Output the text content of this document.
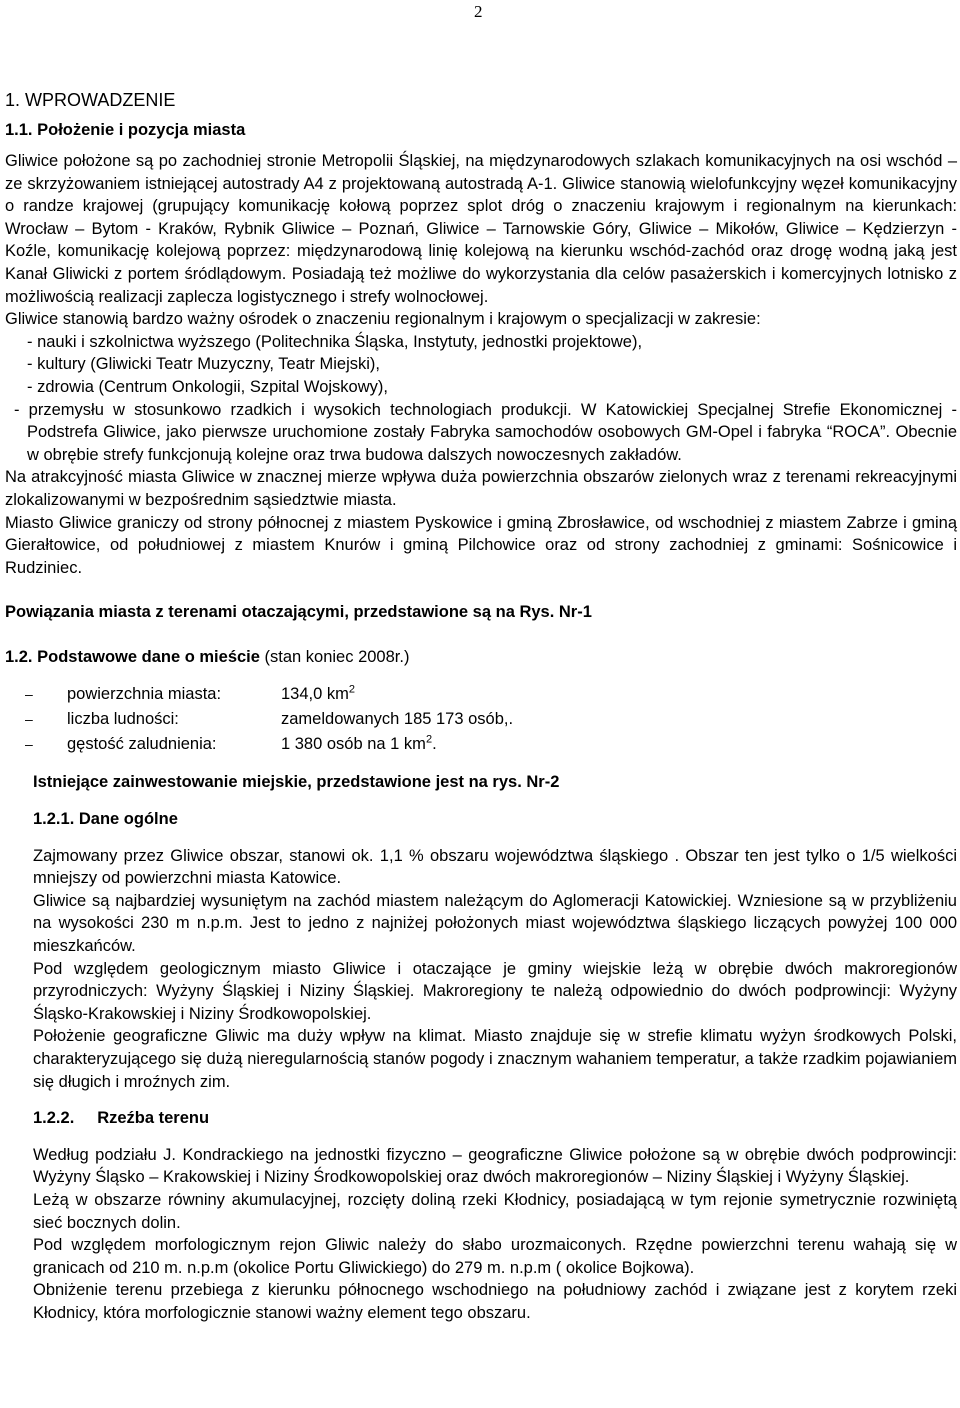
2
1. WPROWADZENIE
1.1. Położenie i pozycja miasta

Gliwice położone są po zachodniej stronie Metropolii Śląskiej, na międzynarodowych szlakach komunikacyjnych na osi wschód – ze skrzyżowaniem istniejącej autostrady A4 z projektowaną autostradą A-1. Gliwice stanowią wielofunkcyjny węzeł komunikacyjny o randze krajowej (grupujący komunikację kołową poprzez splot dróg o znaczeniu krajowym i regionalnym na kierunkach: Wrocław – Bytom - Kraków, Rybnik Gliwice – Poznań, Gliwice – Tarnowskie Góry, Gliwice – Mikołów, Gliwice – Kędzierzyn - Koźle, komunikację kolejową poprzez: międzynarodową linię kolejową na kierunku wschód-zachód oraz drogę wodną jaką jest Kanał Gliwicki z portem śródlądowym. Posiadają też możliwe do wykorzystania dla celów pasażerskich i komercyjnych lotnisko z możliwością realizacji zaplecza logistycznego i strefy wolnocłowej.

Gliwice stanowią bardzo ważny ośrodek o znaczeniu regionalnym i krajowym o specjalizacji w zakresie:

- nauki i szkolnictwa wyższego (Politechnika Śląska, Instytuty, jednostki projektowe),

- kultury (Gliwicki Teatr Muzyczny, Teatr Miejski),

- zdrowia (Centrum Onkologii, Szpital Wojskowy),

- przemysłu w stosunkowo rzadkich i wysokich technologiach produkcji. W Katowickiej Specjalnej Strefie Ekonomicznej - Podstrefa Gliwice, jako pierwsze uruchomione zostały Fabryka samochodów osobowych GM-Opel i fabryka “ROCA”. Obecnie w obrębie strefy funkcjonują kolejne oraz trwa budowa dalszych nowoczesnych zakładów.

Na atrakcyjność miasta Gliwice w znacznej mierze wpływa duża powierzchnia obszarów zielonych wraz z terenami rekreacyjnymi zlokalizowanymi w bezpośrednim sąsiedztwie miasta.

Miasto Gliwice graniczy od strony północnej z miastem Pyskowice i gminą Zbrosławice, od wschodniej z miastem Zabrze i gminą Gierałtowice, od południowej z miastem Knurów i gminą Pilchowice oraz od strony zachodniej z gminami: Sośnicowice i Rudziniec.

Powiązania miasta z terenami otaczającymi, przedstawione są na Rys. Nr-1

1.2. Podstawowe dane o mieście (stan koniec 2008r.)

–	powierzchnia miasta:	134,0 $km^2$
–	liczba ludności:	zameldowanych 185 173 osób,.
–	gęstość zaludnienia:	1 380 osób na 1 $km^2$.

Istniejące zainwestowanie miejskie, przedstawione jest na rys. Nr-2

1.2.1. Dane ogólne

Zajmowany przez Gliwice obszar, stanowi ok. 1,1 % obszaru województwa śląskiego . Obszar ten jest tylko o 1/5 wielkości mniejszy od powierzchni miasta Katowice.

Gliwice są najbardziej wysuniętym na zachód miastem należącym do Aglomeracji Katowickiej. Wzniesione są w przybliżeniu na wysokości 230 m n.p.m. Jest to jedno z najniżej położonych miast województwa śląskiego liczących powyżej 100 000 mieszkańców.

Pod względem geologicznym miasto Gliwice i otaczające je gminy wiejskie leżą w obrębie dwóch makroregionów przyrodniczych: Wyżyny Śląskiej i Niziny Śląskiej. Makroregiony te należą odpowiednio do dwóch podprowincji: Wyżyny Śląsko-Krakowskiej i Niziny Środkowopolskiej.

Położenie geograficzne Gliwic ma duży wpływ na klimat. Miasto znajduje się w strefie klimatu wyżyn środkowych Polski, charakteryzującego się dużą nieregularnością stanów pogody i znacznym wahaniem temperatur, a także rzadkim pojawianiem się długich i mroźnych zim.

1.2.2.     Rzeźba terenu

Według podziału J. Kondrackiego na jednostki fizyczno – geograficzne Gliwice położone są w obrębie dwóch podprowincji: Wyżyny Śląsko – Krakowskiej i Niziny Środkowopolskiej oraz dwóch makroregionów – Niziny Śląskiej i Wyżyny Śląskiej.

Leżą w obszarze równiny akumulacyjnej, rozcięty doliną rzeki Kłodnicy, posiadającą w tym rejonie symetrycznie rozwiniętą sieć bocznych dolin.

Pod względem morfologicznym rejon Gliwic należy do słabo urozmaiconych. Rzędne powierzchni terenu wahają się w granicach od 210 m. n.p.m (okolice Portu Gliwickiego) do 279 m. n.p.m ( okolice Bojkowa).

Obniżenie terenu przebiega z kierunku północnego wschodniego na południowy zachód i związane jest z korytem rzeki Kłodnicy, która morfologicznie stanowi ważny element tego obszaru.
